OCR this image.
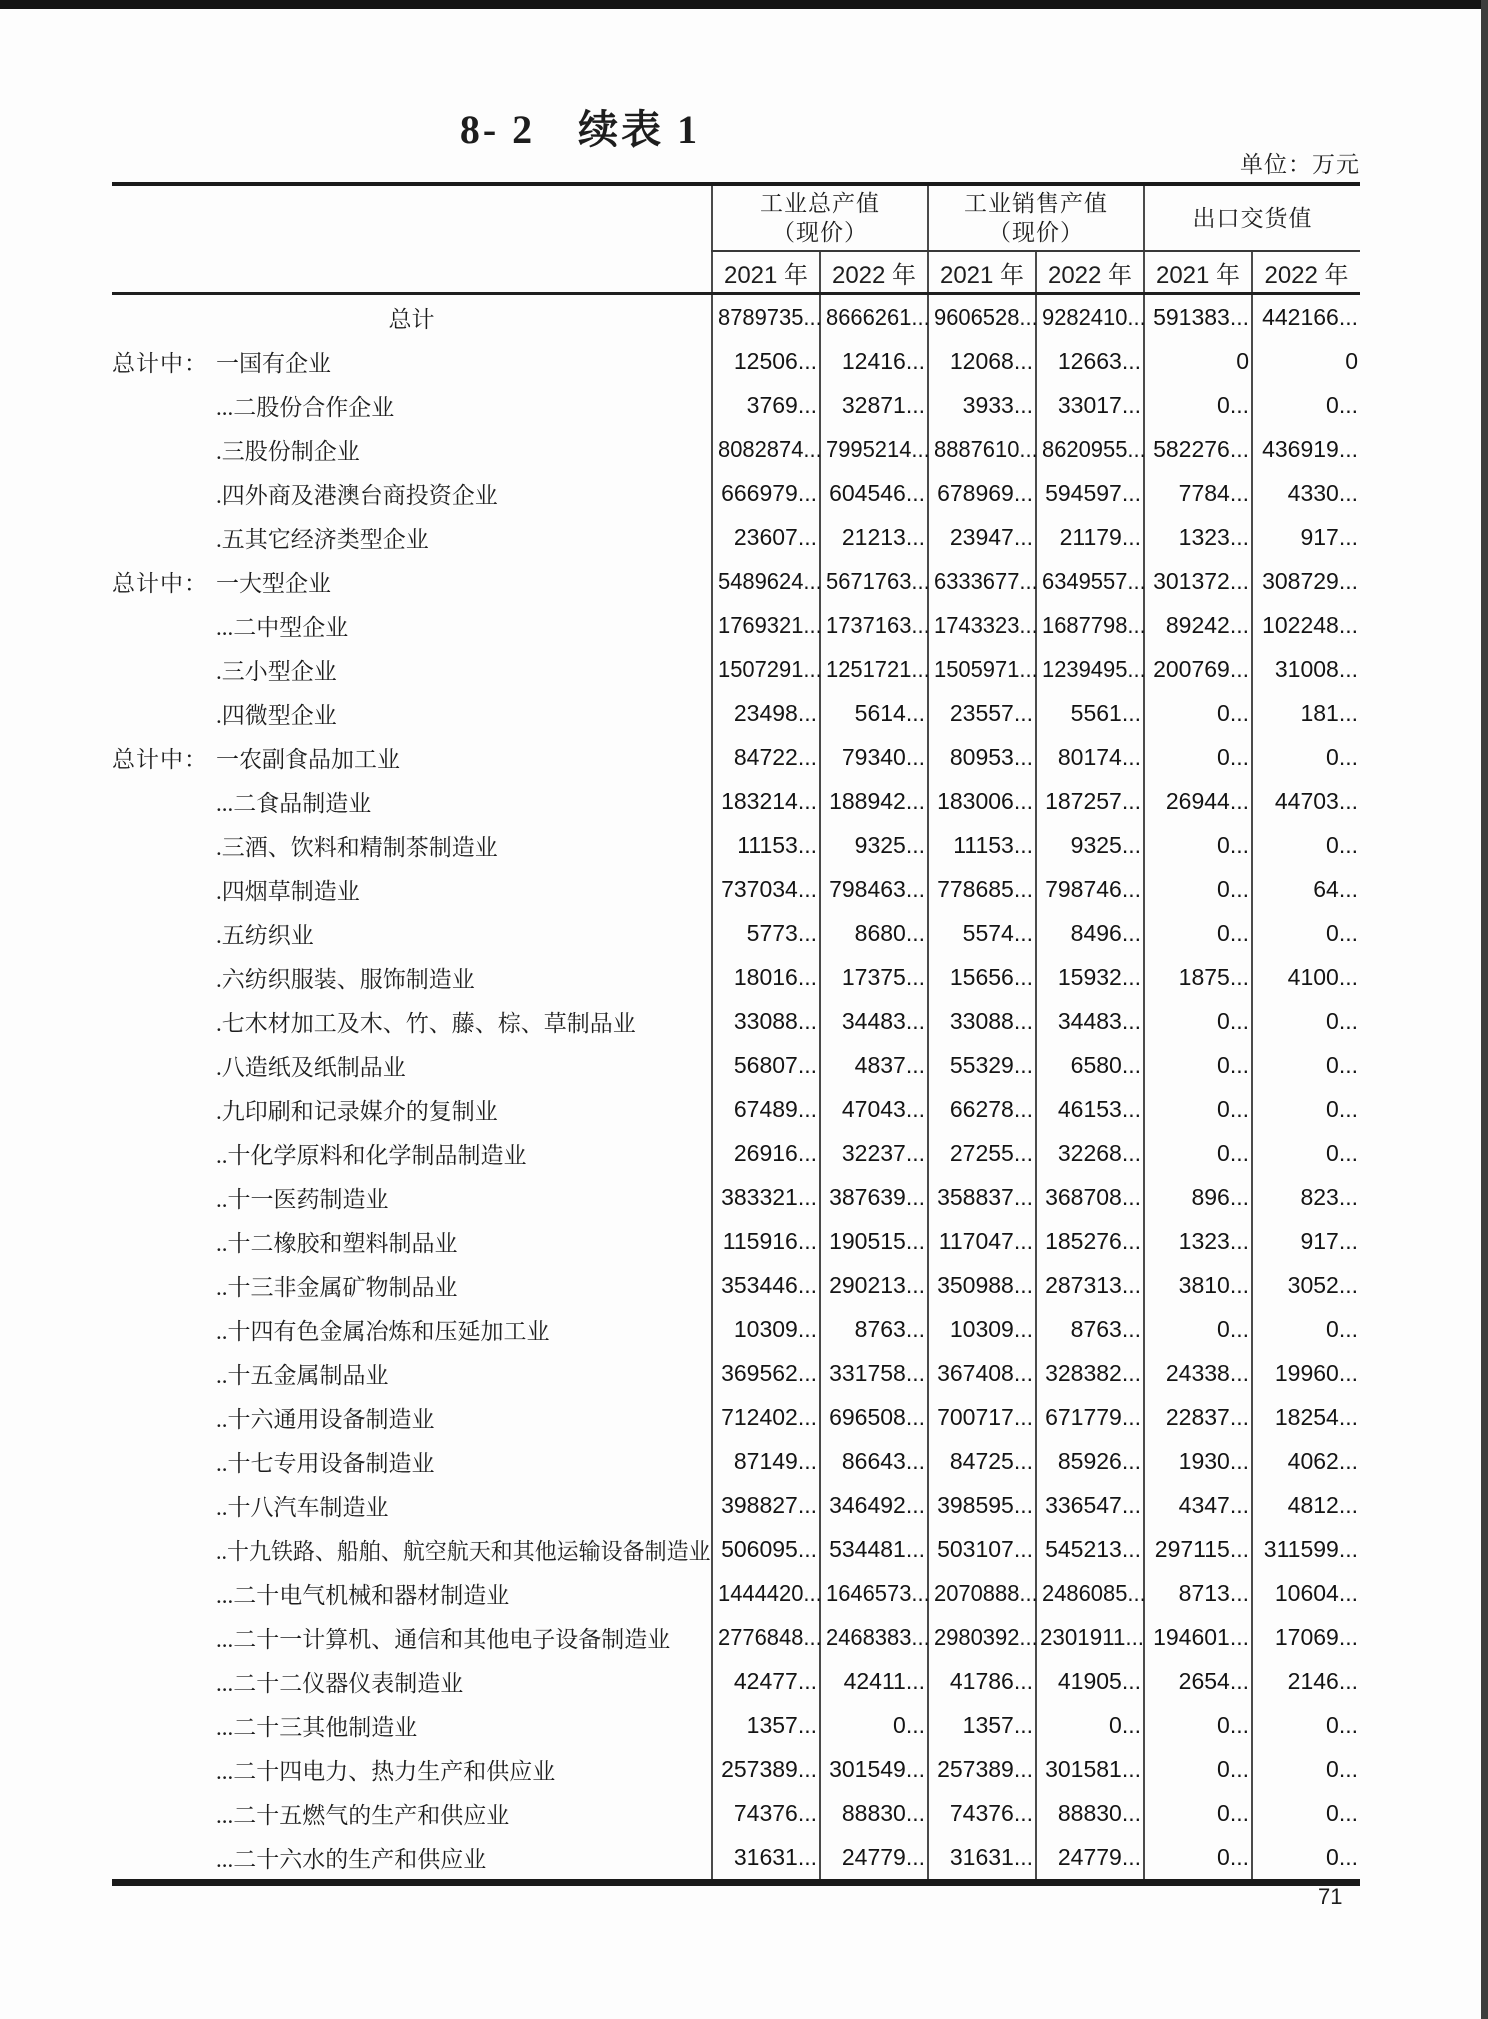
8- 2　续表 1
单位：万元

工业总产值
（现价）

工业销售产值
（现价）

出口交货值

	2021 年	2022 年	2021 年	2022 年	2021 年	2022 年
总计	8789735...	8666261...	9606528...	9282410...	591383...	442166...
总计中： 一国有企业	12506...	12416...	12068...	12663...	0	0
...二股份合作企业	3769...	32871...	3933...	33017...	0...	0...
.三股份制企业	8082874...	7995214...	8887610...	8620955...	582276...	436919...
.四外商及港澳台商投资企业	666979...	604546...	678969...	594597...	7784...	4330...
.五其它经济类型企业	23607...	21213...	23947...	21179...	1323...	917...
总计中： 一大型企业	5489624...	5671763...	6333677...	6349557...	301372...	308729...
...二中型企业	1769321...	1737163...	1743323...	1687798...	89242...	102248...
.三小型企业	1507291...	1251721...	1505971...	1239495...	200769...	31008...
.四微型企业	23498...	5614...	23557...	5561...	0...	181...
总计中： 一农副食品加工业	84722...	79340...	80953...	80174...	0...	0...
...二食品制造业	183214...	188942...	183006...	187257...	26944...	44703...
.三酒、饮料和精制茶制造业	11153...	9325...	11153...	9325...	0...	0...
.四烟草制造业	737034...	798463...	778685...	798746...	0...	64...
.五纺织业	5773...	8680...	5574...	8496...	0...	0...
.六纺织服装、服饰制造业	18016...	17375...	15656...	15932...	1875...	4100...
.七木材加工及木、竹、藤、棕、草制品业	33088...	34483...	33088...	34483...	0...	0...
.八造纸及纸制品业	56807...	4837...	55329...	6580...	0...	0...
.九印刷和记录媒介的复制业	67489...	47043...	66278...	46153...	0...	0...
..十化学原料和化学制品制造业	26916...	32237...	27255...	32268...	0...	0...
..十一医药制造业	383321...	387639...	358837...	368708...	896...	823...
..十二橡胶和塑料制品业	115916...	190515...	117047...	185276...	1323...	917...
..十三非金属矿物制品业	353446...	290213...	350988...	287313...	3810...	3052...
..十四有色金属冶炼和压延加工业	10309...	8763...	10309...	8763...	0...	0...
..十五金属制品业	369562...	331758...	367408...	328382...	24338...	19960...
..十六通用设备制造业	712402...	696508...	700717...	671779...	22837...	18254...
..十七专用设备制造业	87149...	86643...	84725...	85926...	1930...	4062...
..十八汽车制造业	398827...	346492...	398595...	336547...	4347...	4812...
..十九铁路、船舶、航空航天和其他运输设备制造业	506095...	534481...	503107...	545213...	297115...	311599...
...二十电气机械和器材制造业	1444420...	1646573...	2070888...	2486085...	8713...	10604...
...二十一计算机、通信和其他电子设备制造业	2776848...	2468383...	2980392...	2301911...	194601...	17069...
...二十二仪器仪表制造业	42477...	42411...	41786...	41905...	2654...	2146...
...二十三其他制造业	1357...	0...	1357...	0...	0...	0...
...二十四电力、热力生产和供应业	257389...	301549...	257389...	301581...	0...	0...
...二十五燃气的生产和供应业	74376...	88830...	74376...	88830...	0...	0...
...二十六水的生产和供应业	31631...	24779...	31631...	24779...	0...	0...
71
